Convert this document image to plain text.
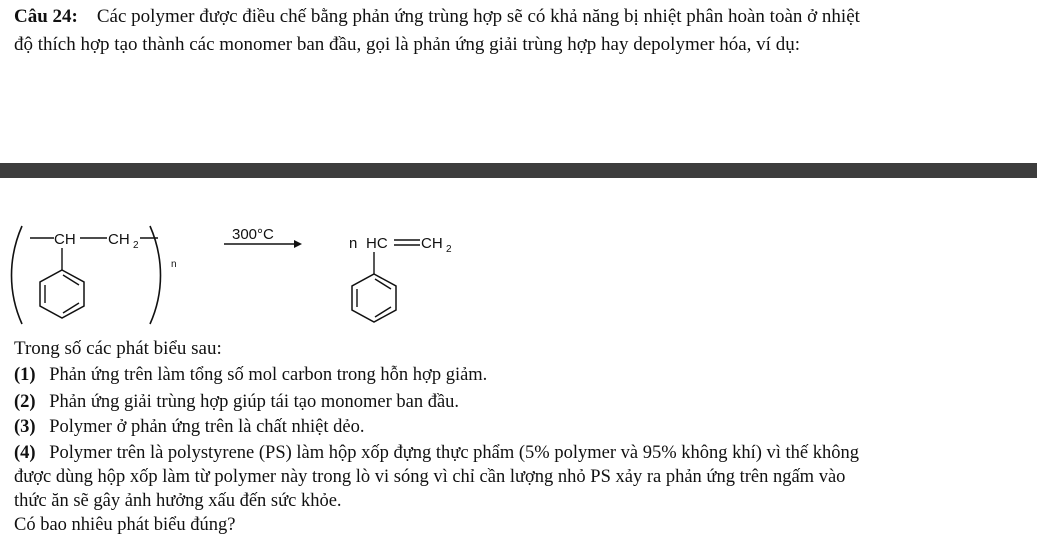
Câu 24: Các polymer được điều chế bằng phản ứng trùng hợp sẽ có khả năng bị nhiệt phân hoàn toàn ở nhiệt
độ thích hợp tạo thành các monomer ban đầu, gọi là phản ứng giải trùng hợp hay depolymer hóa, ví dụ:
CH CH 2
n
300°C
n HC CH 2
Trong số các phát biểu sau:
(1) Phản ứng trên làm tổng số mol carbon trong hỗn hợp giảm.
(2) Phản ứng giải trùng hợp giúp tái tạo monomer ban đầu.
(3) Polymer ở phản ứng trên là chất nhiệt dẻo.
(4) Polymer trên là polystyrene (PS) làm hộp xốp đựng thực phẩm (5% polymer và 95% không khí) vì thế không
được dùng hộp xốp làm từ polymer này trong lò vi sóng vì chỉ cần lượng nhỏ PS xảy ra phản ứng trên ngấm vào
thức ăn sẽ gây ảnh hưởng xấu đến sức khỏe.
Có bao nhiêu phát biểu đúng?
